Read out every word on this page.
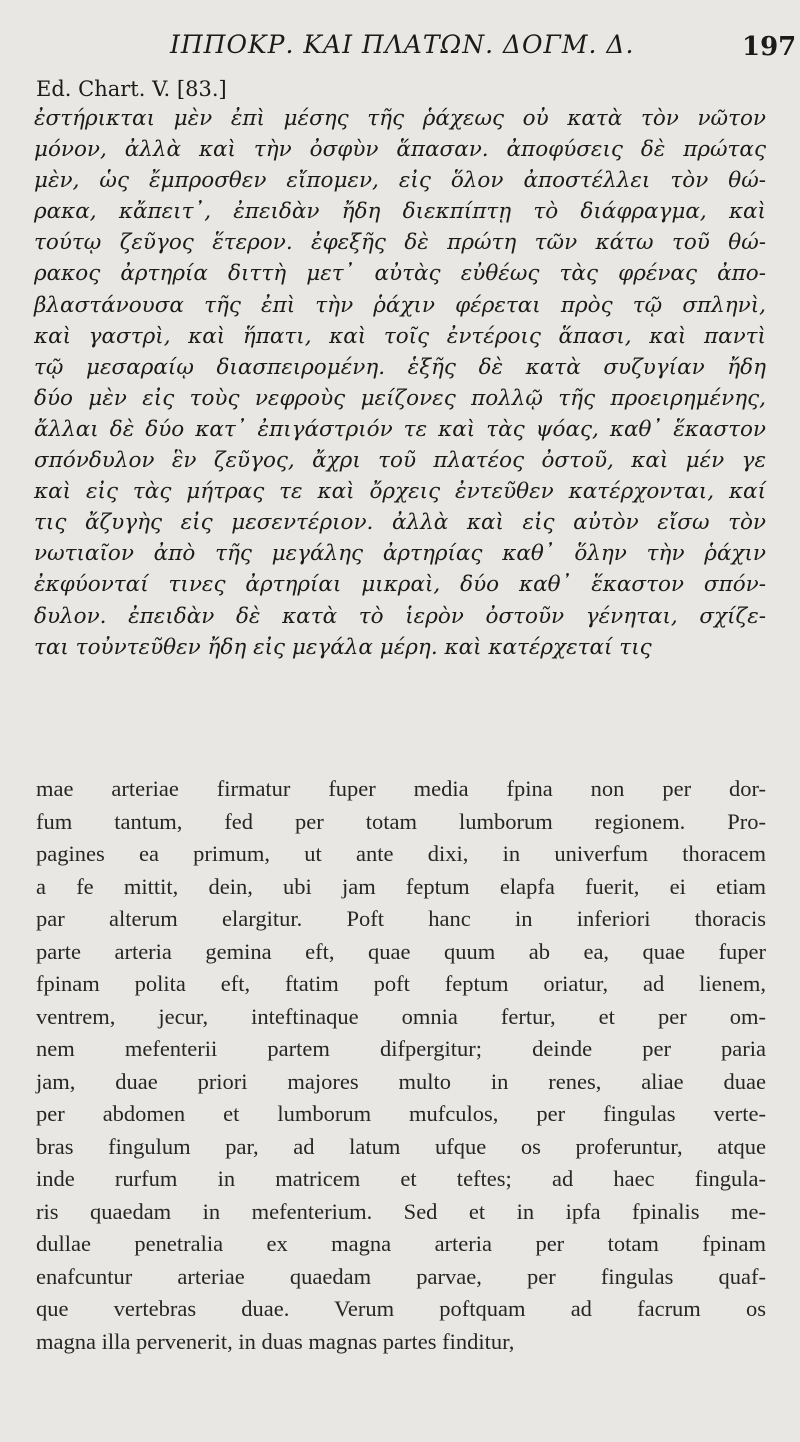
ΙΠΠΟΚΡ. ΚΑΙ ΠΛΑΤΩΝ. ΔΟΓΜ. Δ.	197
Ed. Chart. V. [83.]
ἐστήρικται μὲν ἐπὶ μέσης τῆς ῥάχεως οὐ κατὰ τὸν νῶτον
μόνον, ἀλλὰ καὶ τὴν ὀσφὺν ἅπασαν. ἀποφύσεις δὲ πρώτας
μὲν, ὡς ἔμπροσθεν εἴπομεν, εἰς ὅλον ἀποστέλλει τὸν θώ-
ρακα, κἄπειτ᾽, ἐπειδὰν ἤδη διεκπίπτῃ τὸ διάφραγμα, καὶ
τούτῳ ζεῦγος ἕτερον. ἐφεξῆς δὲ πρώτη τῶν κάτω τοῦ θώ-
ρακος ἀρτηρία διττὴ μετ᾽ αὐτὰς εὐθέως τὰς φρένας ἀπο-
βλαστάνουσα τῆς ἐπὶ τὴν ῥάχιν φέρεται πρὸς τῷ σπληνὶ,
καὶ γαστρὶ, καὶ ἥπατι, καὶ τοῖς ἐντέροις ἅπασι, καὶ παντὶ
τῷ μεσαραίῳ διασπειρομένη. ἑξῆς δὲ κατὰ συζυγίαν ἤδη
δύο μὲν εἰς τοὺς νεφροὺς μείζονες πολλῷ τῆς προειρημένης,
ἄλλαι δὲ δύο κατ᾽ ἐπιγάστριόν τε καὶ τὰς ψόας, καθ᾽ ἕκαστον
σπόνδυλον ἓν ζεῦγος, ἄχρι τοῦ πλατέος ὀστοῦ, καὶ μέν γε
καὶ εἰς τὰς μήτρας τε καὶ ὄρχεις ἐντεῦθεν κατέρχονται, καί
τις ἄζυγὴς εἰς μεσεντέριον. ἀλλὰ καὶ εἰς αὐτὸν εἴσω τὸν
νωτιαῖον ἀπὸ τῆς μεγάλης ἀρτηρίας καθ᾽ ὅλην τὴν ῥάχιν
ἐκφύονταί τινες ἀρτηρίαι μικραὶ, δύο καθ᾽ ἕκαστον σπόν-
δυλον. ἐπειδὰν δὲ κατὰ τὸ ἱερὸν ὀστοῦν γένηται, σχίζε-
ται τοὐντεῦθεν ἤδη εἰς μεγάλα μέρη. καὶ κατέρχεταί τις
mae arteriae firmatur fuper media fpina non per dor-
fum tantum, fed per totam lumborum regionem. Pro-
pagines ea primum, ut ante dixi, in univerfum thoracem
a fe mittit, dein, ubi jam feptum elapfa fuerit, ei etiam
par alterum elargitur. Poft hanc in inferiori thoracis
parte arteria gemina eft, quae quum ab ea, quae fuper
fpinam polita eft, ftatim poft feptum oriatur, ad lienem,
ventrem, jecur, inteftinaque omnia fertur, et per om-
nem mefenterii partem difpergitur; deinde per paria
jam, duae priori majores multo in renes, aliae duae
per abdomen et lumborum mufculos, per fingulas verte-
bras fingulum par, ad latum ufque os proferuntur, atque
inde rurfum in matricem et teftes; ad haec fingula-
ris quaedam in mefenterium. Sed et in ipfa fpinalis me-
dullae penetralia ex magna arteria per totam fpinam
enafcuntur arteriae quaedam parvae, per fingulas quaf-
que vertebras duae. Verum poftquam ad facrum os
magna illa pervenerit, in duas magnas partes finditur,
